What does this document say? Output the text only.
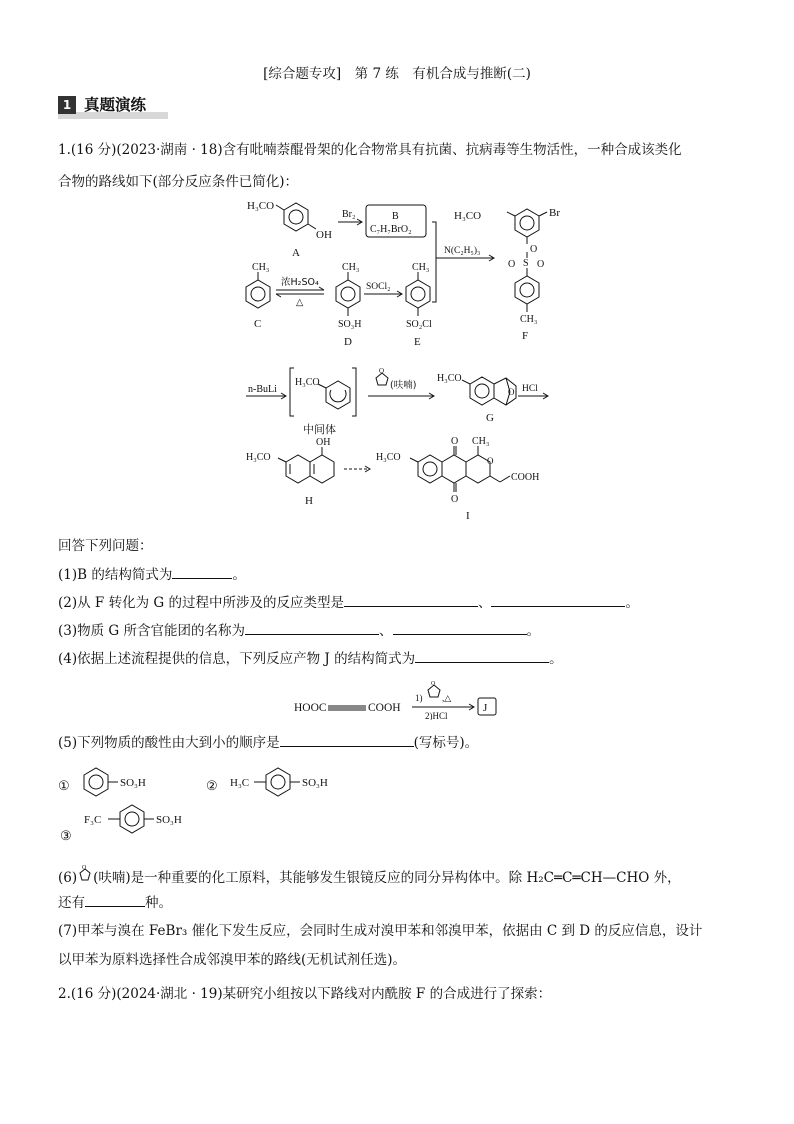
[综合题专攻]　第 7 练　有机合成与推断(二)
1 真题演练
1.(16 分)(2023·湖南 · 18)含有吡喃萘醌骨架的化合物常具有抗菌、抗病毒等生物活性，一种合成该类化
合物的路线如下(部分反应条件已简化)：
H₃CO
OH
A
Br₂	B
C₇H₇BrO₂
H₃CO	Br
O
S
O O
CH₃
F
N(C₂H₅)₃
CH₃
C
浓H₂SO₄
△
CH₃
SO₃H
D
SOCl₂
CH₃
SO₂Cl
E
n-BuLi
H₃CO
中间体
O
(呋喃)
H₃CO
O
G
HCl
H₃CO
OH
H
H₃CO
O CH₃
O
O
COOH
I
回答下列问题：
(1)B 的结构简式为	。
(2)从 F 转化为 G 的过程中所涉及的反应类型是	、	。
(3)物质 G 所含官能团的名称为	、	。
(4)依据上述流程提供的信息，下列反应产物 J 的结构简式为	。
HOOC	COOH
1)
O
,△
2)HCl
J
(5)下列物质的酸性由大到小的顺序是	(写标号)。
①	SO₃H	② H₃C	SO₃H
③
F₃C	SO₃H
(6)
O
(呋喃)是一种重要的化工原料，其能够发生银镜反应的同分异构体中。除 H₂C═C═CH—CHO 外，
还有	种。
(7)甲苯与溴在 FeBr₃ 催化下发生反应，会同时生成对溴甲苯和邻溴甲苯，依据由 C 到 D 的反应信息，设计
以甲苯为原料选择性合成邻溴甲苯的路线(无机试剂任选)。
2.(16 分)(2024·湖北 · 19)某研究小组按以下路线对内酰胺 F 的合成进行了探索：
